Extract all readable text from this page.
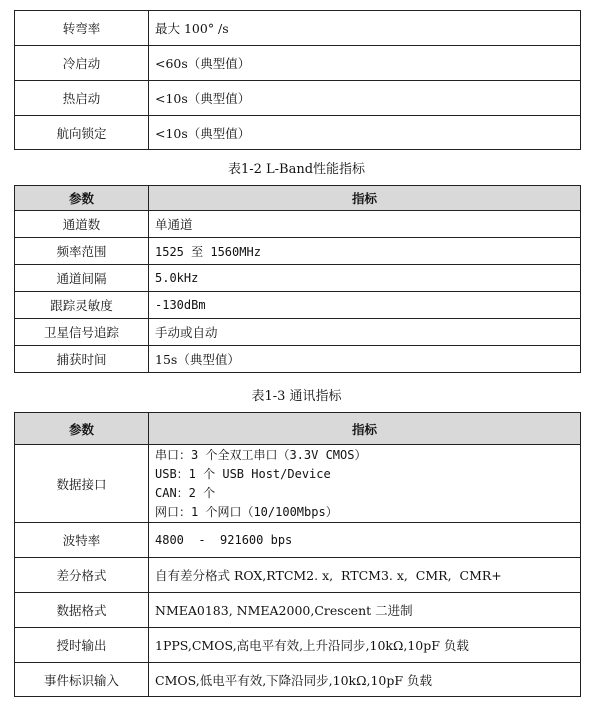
转弯率	最大 100° /s
冷启动	<60s（典型值）
热启动	<10s（典型值）
航向锁定	<10s（典型值）
表1-2 L-Band性能指标
参数	指标
通道数	单通道
频率范围	1525 至 1560MHz
通道间隔	5.0kHz
跟踪灵敏度	-130dBm
卫星信号追踪	手动或自动
捕获时间	15s（典型值）
表1-3 通讯指标
参数	指标
数据接口	串口：3 个全双工串口（3.3V CMOS）
USB：1 个 USB Host/Device
CAN：2 个
网口：1 个网口（10/100Mbps）

波特率	4800  -  921600 bps
差分格式	自有差分格式 ROX,RTCM2. x,  RTCM3. x,  CMR,  CMR+
数据格式	NMEA0183, NMEA2000,Crescent 二进制
授时输出	1PPS,CMOS,高电平有效,上升沿同步,10kΩ,10pF 负载
事件标识输入	CMOS,低电平有效,下降沿同步,10kΩ,10pF 负载
